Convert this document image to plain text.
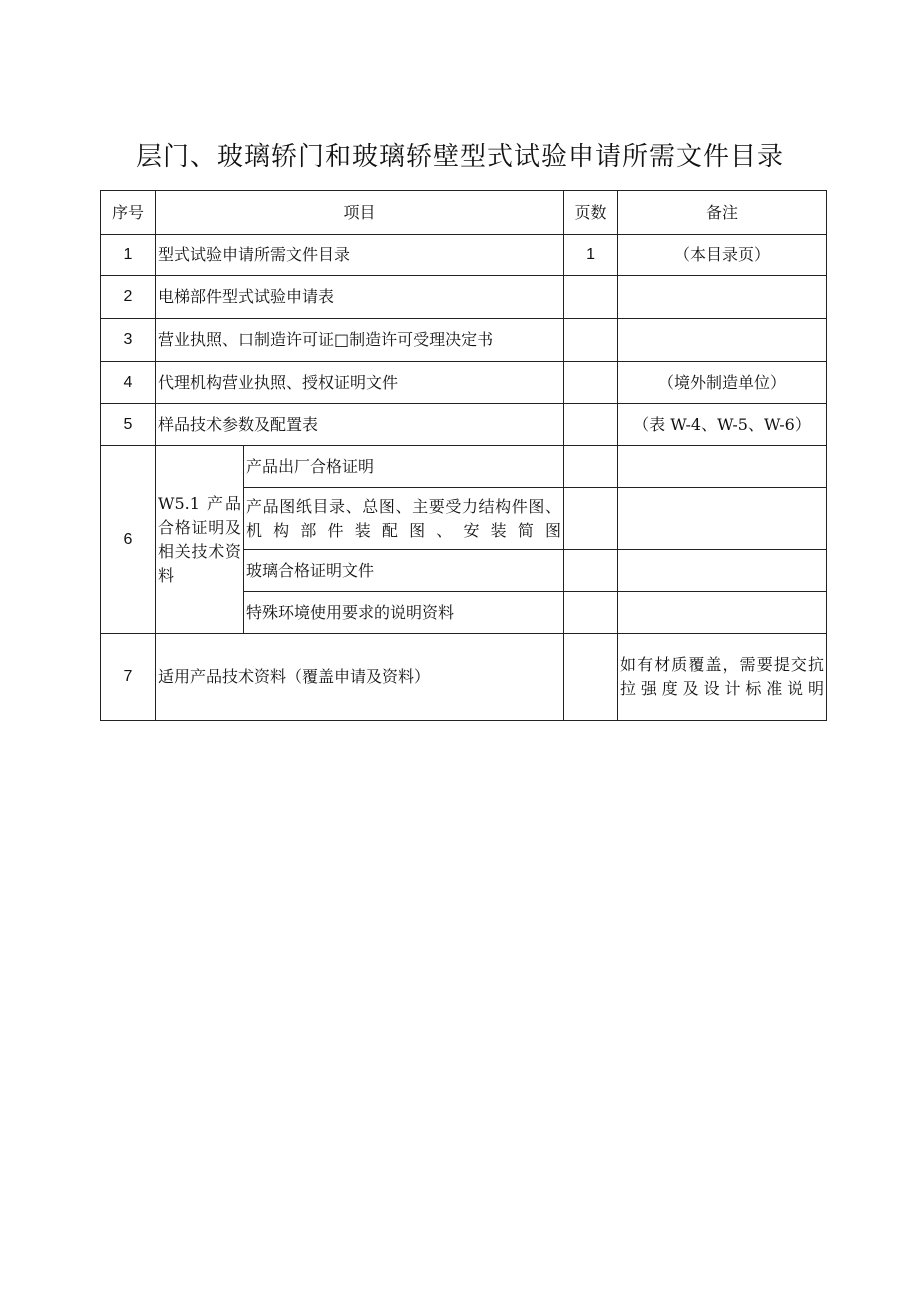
层门、玻璃轿门和玻璃轿壁型式试验申请所需文件目录
序号	项目		页数	备注
1	型式试验申请所需文件目录		1	（本目录页）
2	电梯部件型式试验申请表			
3	营业执照、口制造许可证□制造许可受理决定书			
4	代理机构营业执照、授权证明文件			（境外制造单位）
5	样品技术参数及配置表			（表 W-4、W-5、W-6）
6	W5.1 产品合格证明及相关技术资料	产品出厂合格证明		
		产品图纸目录、总图、主要受力结构件图、机构部件装配图、安装简图		
		玻璃合格证明文件		
		特殊环境使用要求的说明资料		
7	适用产品技术资料（覆盖申请及资料）			如有材质覆盖，需要提交抗拉强度及设计标准说明
